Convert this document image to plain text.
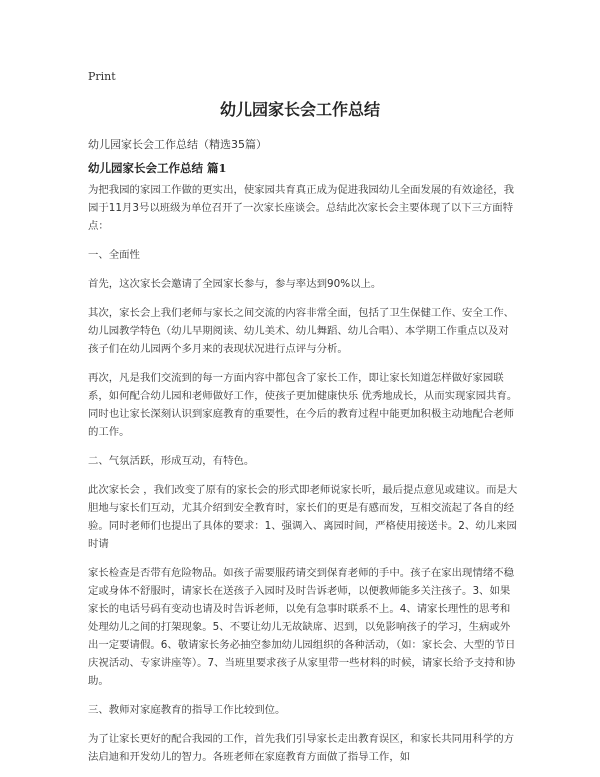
Print
幼儿园家长会工作总结
幼儿园家长会工作总结（精选35篇）
幼儿园家长会工作总结 篇1

为把我园的家园工作做的更实出，使家园共育真正成为促进我园幼儿全面发展的有效途径，我园于11月3号以班级为单位召开了一次家长座谈会。总结此次家长会主要体现了以下三方面特点：

一、全面性

首先，这次家长会邀请了全园家长参与，参与率达到90%以上。

其次，家长会上我们老师与家长之间交流的内容非常全面，包括了卫生保健工作、安全工作、幼儿园教学特色（幼儿早期阅读、幼儿美术、幼儿舞蹈、幼儿合唱）、本学期工作重点以及对孩子们在幼儿园两个多月来的表现状况进行点评与分析。

再次，凡是我们交流到的每一方面内容中都包含了家长工作，即让家长知道怎样做好家园联系，如何配合幼儿园和老师做好工作，使孩子更加健康快乐 优秀地成长，从而实现家园共育。同时也让家长深刻认识到家庭教育的重要性，在今后的教育过程中能更加积极主动地配合老师的工作。

二、气氛活跃，形成互动，有特色。

此次家长会 ，我们改变了原有的家长会的形式即老师说家长听，最后提点意见或建议。而是大胆地与家长们互动，尤其介绍到安全教育时，家长们的更是有感而发，互相交流起了各自的经验。同时老师们也提出了具体的要求：1、强调入、离园时间，严格使用接送卡。2、幼儿来园时请

家长检查是否带有危险物品。如孩子需要服药请交到保育老师的手中。孩子在家出现情绪不稳定或身体不舒服时，请家长在送孩子入园时及时告诉老师，以便教师能多关注孩子。3、如果家长的电话号码有变动也请及时告诉老师，以免有急事时联系不上。4、请家长理性的思考和处理幼儿之间的打架现象。5、不要让幼儿无故缺席、迟到，以免影响孩子的学习，生病或外出一定要请假。6、敬请家长务必抽空参加幼儿园组织的各种活动，（如：家长会、大型的节日庆祝活动、专家讲座等）。7、当班里要求孩子从家里带一些材料的时候，请家长给予支持和协助。

三、教师对家庭教育的指导工作比较到位。

为了让家长更好的配合我园的工作，首先我们引导家长走出教育误区，和家长共同用科学的方法启迪和开发幼儿的智力。各班老师在家庭教育方面做了指导工作，如
